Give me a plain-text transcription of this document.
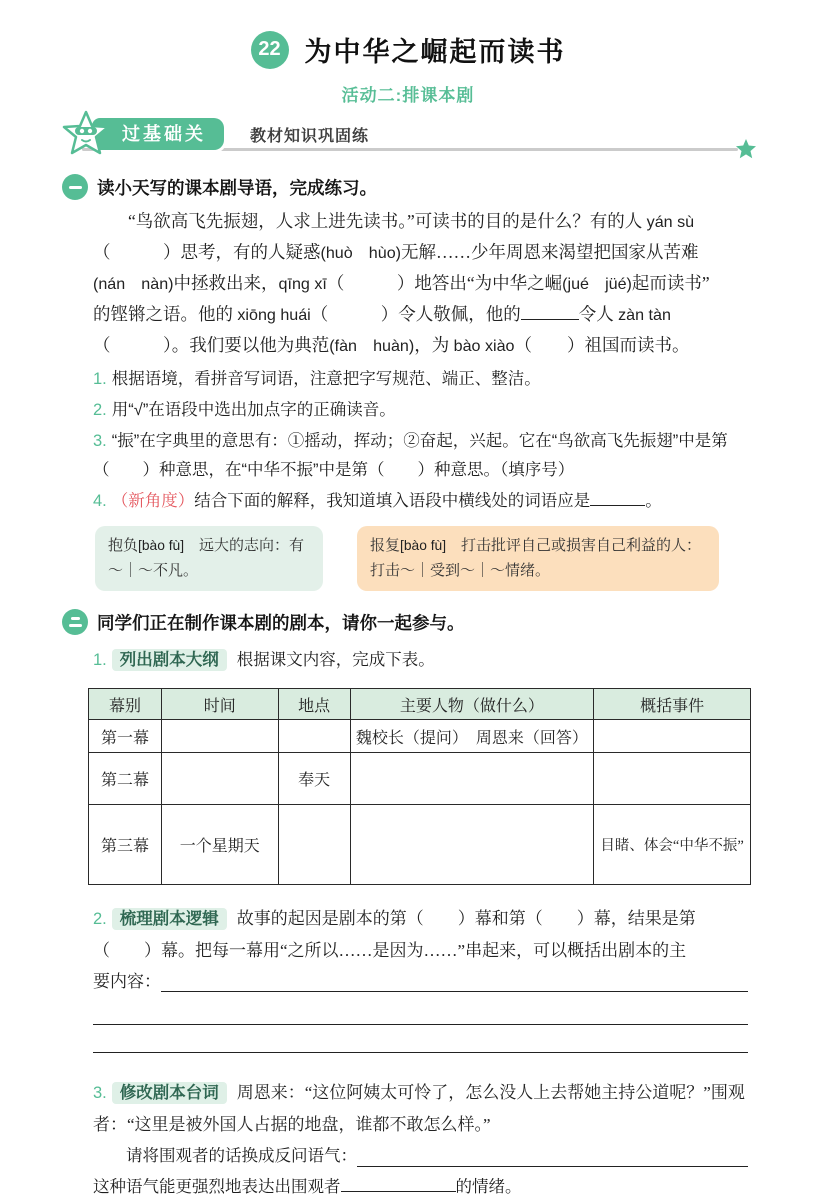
22 为中华之崛起而读书
活动二:排课本剧
过基础关	教材知识巩固练
读小天写的课本剧导语，完成练习。
“鸟欲高飞先振翅，人求上进先读书。”可读书的目的是什么？有的人 yán sù
（　　　）思考，有的人疑惑 •(huò  hùo)无解……少年周恩来渴望把国家从苦难 •
(nán  nàn)中拯救出来，qīng xī（　　　）地答出“为中华之崛 •(jué  jüé)起而读书”
的铿锵之语。他的 xiōng huái（　　　）令人敬佩，他的	令人 zàn tàn
（　　　）。我们要以他为典范 •(fàn  huàn)，为 bào xiào（　　）祖国而读书。
1. 根据语境，看拼音写词语，注意把字写规范、端正、整洁。
2. 用“√”在语段中选出加点字的正确读音。
3. “振”在字典里的意思有：①摇动，挥动；②奋起，兴起。它在“鸟欲高飞先振翅”中是第（　　）种意思，在“中华不振”中是第（　　）种意思。（填序号）
4. （新角度）结合下面的解释，我知道填入语段中横线处的词语应是	。
抱负[bào fù]　远大的志向：有～｜～不凡。
报复[bào fù]　打击批评自己或损害自己利益的人：打击～｜受到～｜～情绪。
同学们正在制作课本剧的剧本，请你一起参与。
1. 列出剧本大纲 根据课文内容，完成下表。
幕别	时间	地点	主要人物（做什么）	概括事件
第一幕			魏校长（提问）　周恩来（回答）	
第二幕		奉天		
第三幕	一个星期天			目睹、体会“中华不振”
2. 梳理剧本逻辑 故事的起因是剧本的第（　　）幕和第（　　）幕，结果是第
（　　）幕。把每一幕用“之所以……是因为……”串起来，可以概括出剧本的主
要内容：
3. 修改剧本台词 周恩来：“这位阿姨太可怜了，怎么没人上去帮她主持公道呢？”围观者：“这里是被外国人占据的地盘，谁都不敢怎么样。”
请将围观者的话换成反问语气：
这种语气能更强烈地表达出围观者	的情绪。
